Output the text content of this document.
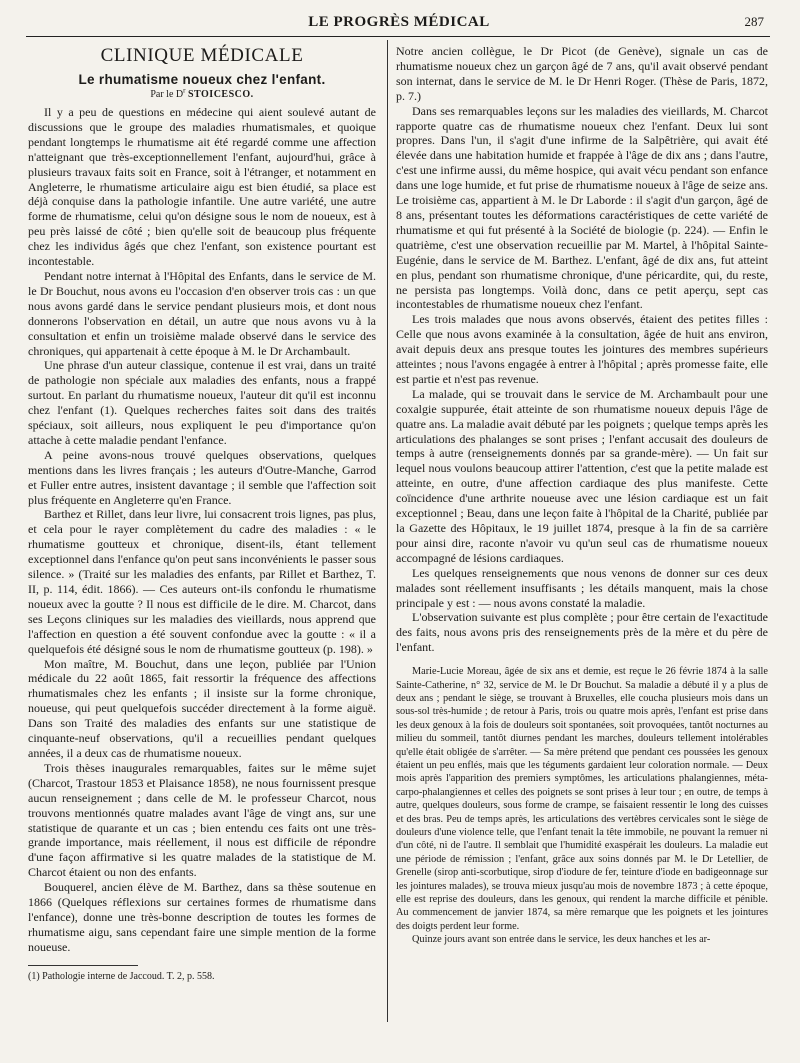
LE PROGRÈS MÉDICAL	287
CLINIQUE MÉDICALE
Le rhumatisme noueux chez l'enfant.
Par le $D^r$ STOICESCO.

Il y a peu de questions en médecine qui aient soulevé autant de discussions que le groupe des maladies rhumatismales, et quoique pendant longtemps le rhumatisme ait été regardé comme une affection n'atteignant que très-exceptionnellement l'enfant, aujourd'hui, grâce à plusieurs travaux faits soit en France, soit à l'étranger, et notamment en Angleterre, le rhumatisme articulaire aigu est bien étudié, sa place est déjà conquise dans la pathologie infantile. Une autre variété, une autre forme de rhumatisme, celui qu'on désigne sous le nom de noueux, est à peu près laissé de côté ; bien qu'elle soit de beaucoup plus fréquente chez les individus âgés que chez l'enfant, son existence pourtant est incontestable.

Pendant notre internat à l'Hôpital des Enfants, dans le service de M. le Dr Bouchut, nous avons eu l'occasion d'en observer trois cas : un que nous avons gardé dans le service pendant plusieurs mois, et dont nous donnerons l'observation en détail, un autre que nous avons vu à la consultation et enfin un troisième malade observé dans le service des chroniques, qui appartenait à cette époque à M. le Dr Archambault.

Une phrase d'un auteur classique, contenue il est vrai, dans un traité de pathologie non spéciale aux maladies des enfants, nous a frappé surtout. En parlant du rhumatisme noueux, l'auteur dit qu'il est inconnu chez l'enfant (1). Quelques recherches faites soit dans des traités spéciaux, soit ailleurs, nous expliquent le peu d'importance qu'on attache à cette maladie pendant l'enfance.

A peine avons-nous trouvé quelques observations, quelques mentions dans les livres français ; les auteurs d'Outre-Manche, Garrod et Fuller entre autres, insistent davantage ; il semble que l'affection soit plus fréquente en Angleterre qu'en France.

Barthez et Rillet, dans leur livre, lui consacrent trois lignes, pas plus, et cela pour le rayer complètement du cadre des maladies : « le rhumatisme goutteux et chronique, disent-ils, étant tellement exceptionnel dans l'enfance qu'on peut sans inconvénients le passer sous silence. » (Traité sur les maladies des enfants, par Rillet et Barthez, T. II, p. 114, édit. 1866). — Ces auteurs ont-ils confondu le rhumatisme noueux avec la goutte ? Il nous est difficile de le dire. M. Charcot, dans ses Leçons cliniques sur les maladies des vieillards, nous apprend que l'affection en question a été souvent confondue avec la goutte : « il a quelquefois été désigné sous le nom de rhumatisme goutteux (p. 198). »

Mon maître, M. Bouchut, dans une leçon, publiée par l'Union médicale du 22 août 1865, fait ressortir la fréquence des affections rhumatismales chez les enfants ; il insiste sur la forme chronique, noueuse, qui peut quelquefois succéder directement à la forme aiguë. Dans son Traité des maladies des enfants sur une statistique de cinquante-neuf observations, qu'il a recueillies pendant quelques années, il a deux cas de rhumatisme noueux.

Trois thèses inaugurales remarquables, faites sur le même sujet (Charcot, Trastour 1853 et Plaisance 1858), ne nous fournissent presque aucun renseignement ; dans celle de M. le professeur Charcot, nous trouvons mentionnés quatre malades avant l'âge de vingt ans, sur une statistique de quarante et un cas ; bien entendu ces faits ont une très-grande importance, mais réellement, il nous est difficile de répondre d'une façon affirmative si les quatre malades de la statistique de M. Charcot étaient ou non des enfants.

Bouquerel, ancien élève de M. Barthez, dans sa thèse soutenue en 1866 (Quelques réflexions sur certaines formes de rhumatisme dans l'enfance), donne une très-bonne description de toutes les formes de rhumatisme aigu, sans cependant faire une simple mention de la forme noueuse.

(1) Pathologie interne de Jaccoud. T. 2, p. 558.

Notre ancien collègue, le Dr Picot (de Genève), signale un cas de rhumatisme noueux chez un garçon âgé de 7 ans, qu'il avait observé pendant son internat, dans le service de M. le Dr Henri Roger. (Thèse de Paris, 1872, p. 7.)

Dans ses remarquables leçons sur les maladies des vieillards, M. Charcot rapporte quatre cas de rhumatisme noueux chez l'enfant. Deux lui sont propres. Dans l'un, il s'agit d'une infirme de la Salpêtrière, qui avait été élevée dans une habitation humide et frappée à l'âge de dix ans ; dans l'autre, c'est une infirme aussi, du même hospice, qui avait vécu pendant son enfance dans une loge humide, et fut prise de rhumatisme noueux à l'âge de seize ans. Le troisième cas, appartient à M. le Dr Laborde : il s'agit d'un garçon, âgé de 8 ans, présentant toutes les déformations caractéristiques de cette variété de rhumatisme et qui fut présenté à la Société de biologie (p. 224). — Enfin le quatrième, c'est une observation recueillie par M. Martel, à l'hôpital Sainte-Eugénie, dans le service de M. Barthez. L'enfant, âgé de dix ans, fut atteint en plus, pendant son rhumatisme chronique, d'une péricardite, qui, du reste, ne persista pas longtemps. Voilà donc, dans ce petit aperçu, sept cas incontestables de rhumatisme noueux chez l'enfant.

Les trois malades que nous avons observés, étaient des petites filles : Celle que nous avons examinée à la consultation, âgée de huit ans environ, avait depuis deux ans presque toutes les jointures des membres supérieurs atteintes ; nous l'avons engagée à entrer à l'hôpital ; après promesse faite, elle est partie et n'est pas revenue.

La malade, qui se trouvait dans le service de M. Archambault pour une coxalgie suppurée, était atteinte de son rhumatisme noueux depuis l'âge de quatre ans. La maladie avait débuté par les poignets ; quelque temps après les articulations des phalanges se sont prises ; l'enfant accusait des douleurs de temps à autre (renseignements donnés par sa grande-mère). — Un fait sur lequel nous voulons beaucoup attirer l'attention, c'est que la petite malade est atteinte, en outre, d'une affection cardiaque des plus manifeste. Cette coïncidence d'une arthrite noueuse avec une lésion cardiaque est un fait exceptionnel ; Beau, dans une leçon faite à l'hôpital de la Charité, publiée par la Gazette des Hôpitaux, le 19 juillet 1874, presque à la fin de sa carrière pour ainsi dire, raconte n'avoir vu qu'un seul cas de rhumatisme noueux accompagné de lésions cardiaques.

Les quelques renseignements que nous venons de donner sur ces deux malades sont réellement insuffisants ; les détails manquent, mais la chose principale y est : — nous avons constaté la maladie.

L'observation suivante est plus complète ; pour être certain de l'exactitude des faits, nous avons pris des renseignements près de la mère et du père de l'enfant.

Marie-Lucie Moreau, âgée de six ans et demie, est reçue le 26 févrie 1874 à la salle Sainte-Catherine, n° 32, service de M. le Dr Bouchut. Sa maladie a débuté il y a plus de deux ans ; pendant le siège, se trouvant à Bruxelles, elle coucha plusieurs mois dans un sous-sol très-humide ; de retour à Paris, trois ou quatre mois après, l'enfant est prise dans les deux genoux à la fois de douleurs soit spontanées, soit provoquées, tantôt nocturnes au milieu du sommeil, tantôt diurnes pendant les marches, douleurs tellement intolérables qu'elle était obligée de s'arrêter. — Sa mère prétend que pendant ces poussées les genoux étaient un peu enflés, mais que les téguments gardaient leur coloration normale. — Deux mois après l'apparition des premiers symptômes, les articulations phalangiennes, méta-carpo-phalangiennes et celles des poignets se sont prises à leur tour ; en outre, de temps à autre, quelques douleurs, sous forme de crampe, se faisaient ressentir le long des cuisses et des bras. Peu de temps après, les articulations des vertèbres cervicales sont le siège de douleurs d'une violence telle, que l'enfant tenait la tête immobile, ne pouvant la remuer ni d'un côté, ni de l'autre. Il semblait que l'humidité exaspérait les douleurs. La maladie eut une période de rémission ; l'enfant, grâce aux soins donnés par M. le Dr Letellier, de Grenelle (sirop anti-scorbutique, sirop d'iodure de fer, teinture d'iode en badigeonnage sur les jointures malades), se trouva mieux jusqu'au mois de novembre 1873 ; à cette époque, elle est reprise des douleurs, dans les genoux, qui rendent la marche difficile et pénible. Au commencement de janvier 1874, sa mère remarque que les poignets et les jointures des doigts perdent leur forme.

Quinze jours avant son entrée dans le service, les deux hanches et les ar-
